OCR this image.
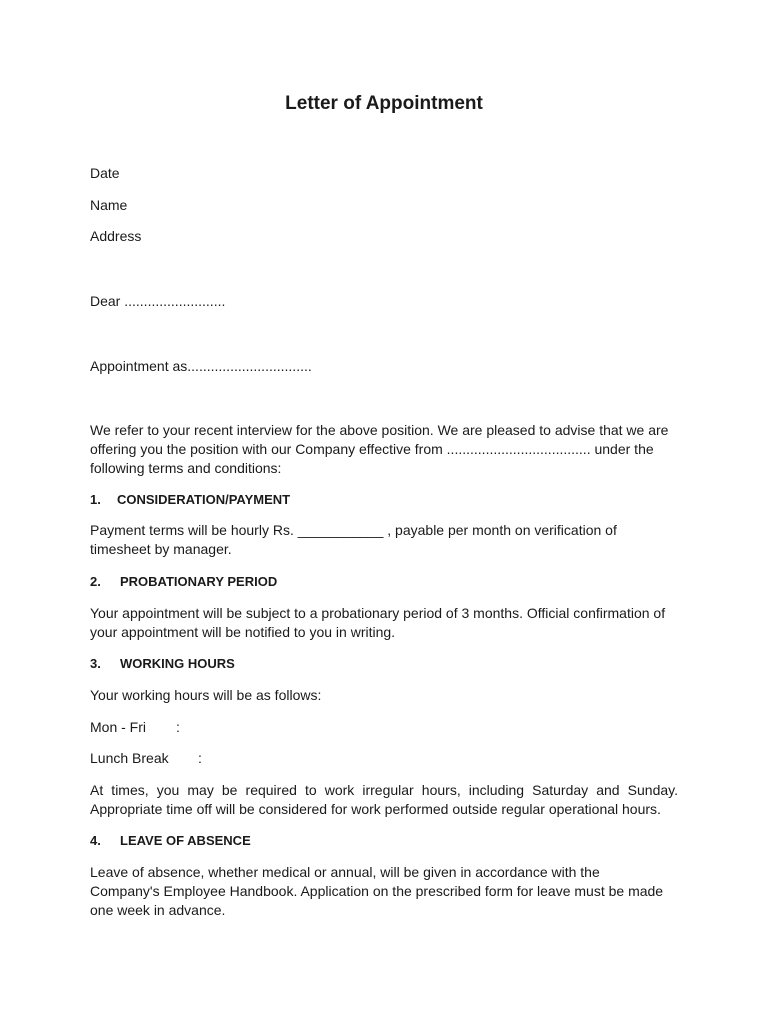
Letter of Appointment

Date

Name

Address

Dear ..........................

Appointment as................................

We refer to your recent interview for the above position. We are pleased to advise that we are offering you the position with our Company effective from ..................................... under the following terms and conditions:

1. CONSIDERATION/PAYMENT

Payment terms will be hourly Rs. ___________ , payable per month on verification of timesheet by manager.

2. PROBATIONARY PERIOD

Your appointment will be subject to a probationary period of 3 months. Official confirmation of your appointment will be notified to you in writing.

3. WORKING HOURS

Your working hours will be as follows:

Mon - Fri :

Lunch Break :

At times, you may be required to work irregular hours, including Saturday and Sunday. Appropriate time off will be considered for work performed outside regular operational hours.

4. LEAVE OF ABSENCE

Leave of absence, whether medical or annual, will be given in accordance with the Company's Employee Handbook. Application on the prescribed form for leave must be made one week in advance.
